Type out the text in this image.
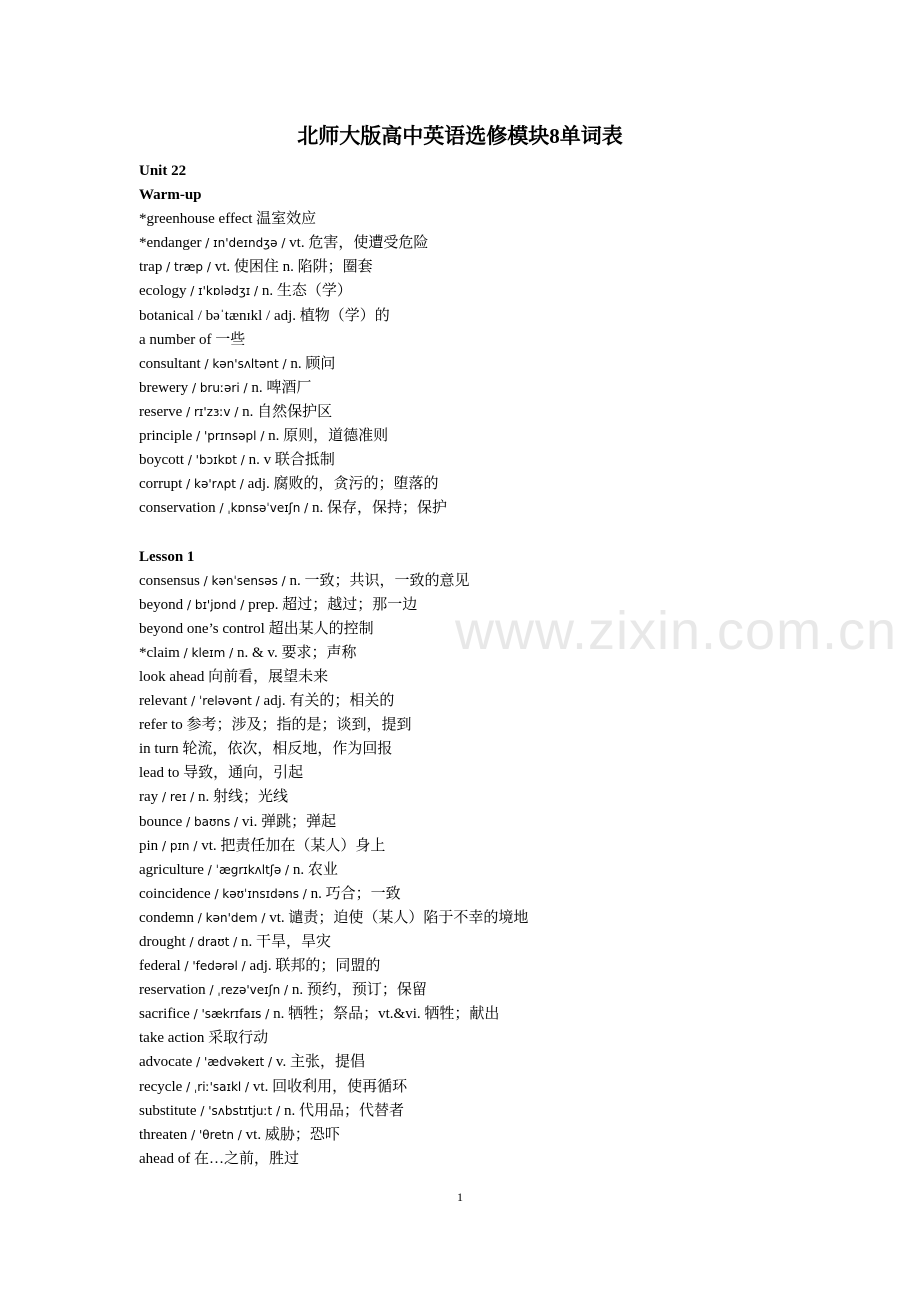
www.zixin.com.cn
北师大版高中英语选修模块8单词表
Unit 22
Warm-up
*greenhouse effect 温室效应
*endanger / ɪn'deɪndʒə / vt. 危害，使遭受危险
trap / træp / vt. 使困住 n. 陷阱；圈套
ecology / ɪ'kɒlədʒɪ / n. 生态（学）
botanical / bəˈtænɪkl / adj. 植物（学）的
a number of 一些
consultant / kən'sʌltənt / n. 顾问
brewery / bruːəri / n. 啤酒厂
reserve / rɪ'zɜːv / n. 自然保护区
principle / 'prɪnsəpl / n. 原则，道德准则
boycott / 'bɔɪkɒt / n. v 联合抵制
corrupt / kə'rʌpt / adj. 腐败的，贪污的；堕落的
conservation / ˌkɒnsəˈveɪʃn / n. 保存，保持；保护
Lesson 1
consensus / kənˈsensəs / n. 一致；共识，一致的意见
beyond / bɪ'jɒnd / prep. 超过；越过；那一边
beyond one’s control 超出某人的控制
*claim / kleɪm / n. & v. 要求；声称
look ahead 向前看，展望未来
relevant / ˈreləvənt / adj. 有关的；相关的
refer to 参考；涉及；指的是；谈到，提到
in turn 轮流，依次，相反地，作为回报
lead to 导致，通向，引起
ray / reɪ / n. 射线；光线
bounce / baʊns / vi. 弹跳；弹起
pin / pɪn / vt. 把责任加在（某人）身上
agriculture / ˈægrɪkʌltʃə / n. 农业
coincidence / kəʊˈɪnsɪdəns / n. 巧合；一致
condemn / kən'dem / vt. 谴责；迫使（某人）陷于不幸的境地
drought / draʊt / n. 干旱，旱灾
federal / 'fedərəl / adj. 联邦的；同盟的
reservation / ˌrezə'veɪʃn / n. 预约，预订；保留
sacrifice / 'sækrɪfaɪs / n. 牺牲；祭品；vt.&vi. 牺牲；献出
take action 采取行动
advocate / 'ædvəkeɪt / v. 主张，提倡
recycle / ˌriː'saɪkl / vt. 回收利用，使再循环
substitute / 'sʌbstɪtjuːt / n. 代用品；代替者
threaten / 'θretn / vt. 威胁；恐吓
ahead of 在…之前，胜过
1
